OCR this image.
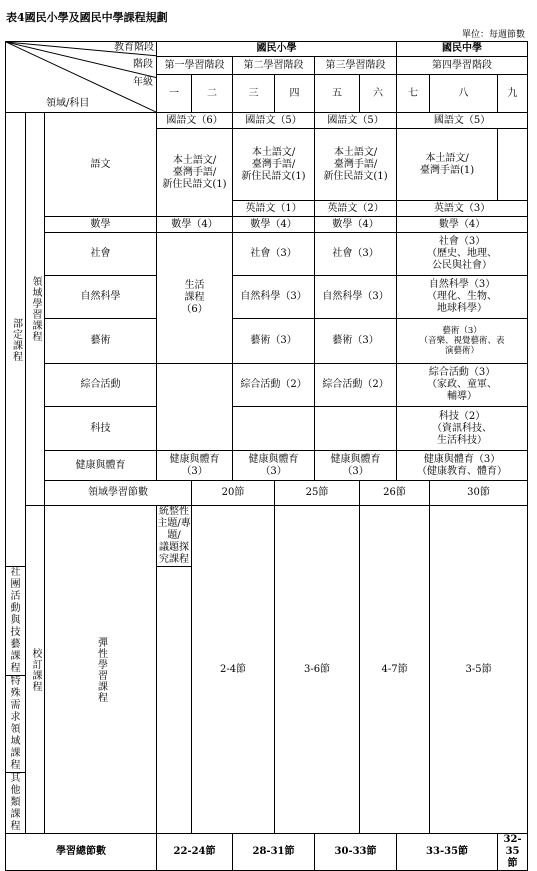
表4國民小學及國民中學課程規劃
單位：每週節數
教育階段
階段
年級
領域/科目			國民小學						國民中學			
			第一學習階段		第二學習階段		第三學習階段		第四學習階段			
			一	二	三	四	五	六	七	八	九	

部定課程	領域學習課程	語文	國語文（6）		國語文（5）		國語文（5）		國語文（5）			
			本土語文/
臺灣手語/
新住民語文(1)		本土語文/
臺灣手語/
新住民語文(1)		本土語文/
臺灣手語/
新住民語文(1)		本土語文/
臺灣手語(1)			
					英語文（1）		英語文（2）		英語文（3）			
		數學	數學（4）		數學（4）		數學（4）		數學（4）			
		社會	生活
課程
（6）		社會（3）		社會（3）		社會（3）
（歷史、地理、
公民與社會）			
		自然科學			自然科學（3）		自然科學（3）		自然科學（3）
（理化、生物、
地球科學）			
		藝術			藝術（3）		藝術（3）		藝術（3）
（音樂、視覺藝術、表
演藝術）			
		綜合活動			綜合活動（2）		綜合活動（2）		綜合活動（3）
（家政、童軍、
輔導）			
		科技							科技（2）
（資訊科技、
生活科技）			
		健康與體育	健康與體育
（3）		健康與體育
（3）		健康與體育
（3）		健康與體育（3）
（健康教育、體育）			
		領域學習節數		20節		25節		26節		30節	

	校訂課程	彈性學習課程	統整性主題/專題/
議題探究課程	2-4節		3-6節		4-7節		3-5節	
社團活動與技藝
課程												
特殊需求領域課
程												
其他類課程												
學習總節數			22-24節		28-31節		30-33節		33-35節		32-35
節	
